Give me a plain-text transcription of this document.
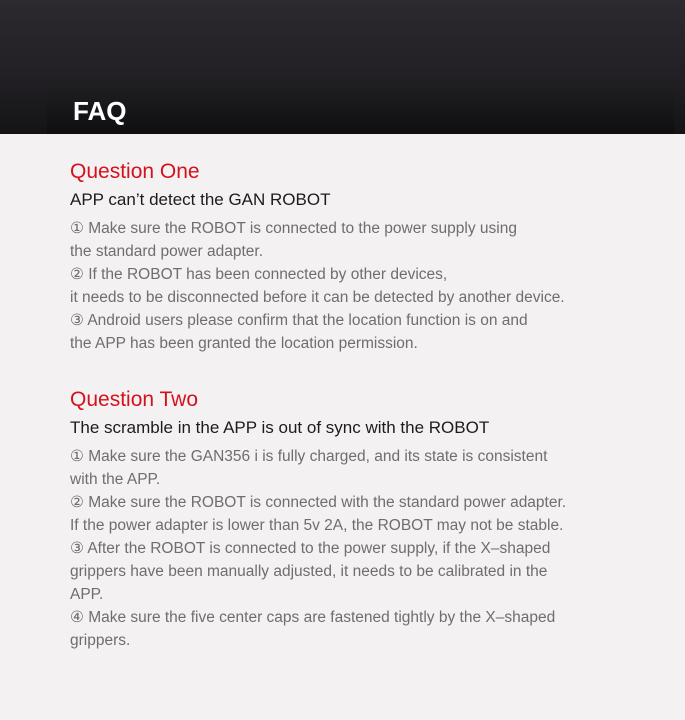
FAQ
Question One
APP can’t detect the GAN ROBOT

① Make sure the ROBOT is connected to the power supply using
the standard power adapter.
② If the ROBOT has been connected by other devices,
it needs to be disconnected before it can be detected by another device.
③ Android users please confirm that the location function is on and
the APP has been granted the location permission.

Question Two
The scramble in the APP is out of sync with the ROBOT

① Make sure the GAN356 i is fully charged, and its state is consistent
with the APP.
② Make sure the ROBOT is connected with the standard power adapter.
If the power adapter is lower than 5v 2A, the ROBOT may not be stable.
③ After the ROBOT is connected to the power supply, if the X–shaped
grippers have been manually adjusted, it needs to be calibrated in the
APP.
④ Make sure the five center caps are fastened tightly by the X–shaped
grippers.
